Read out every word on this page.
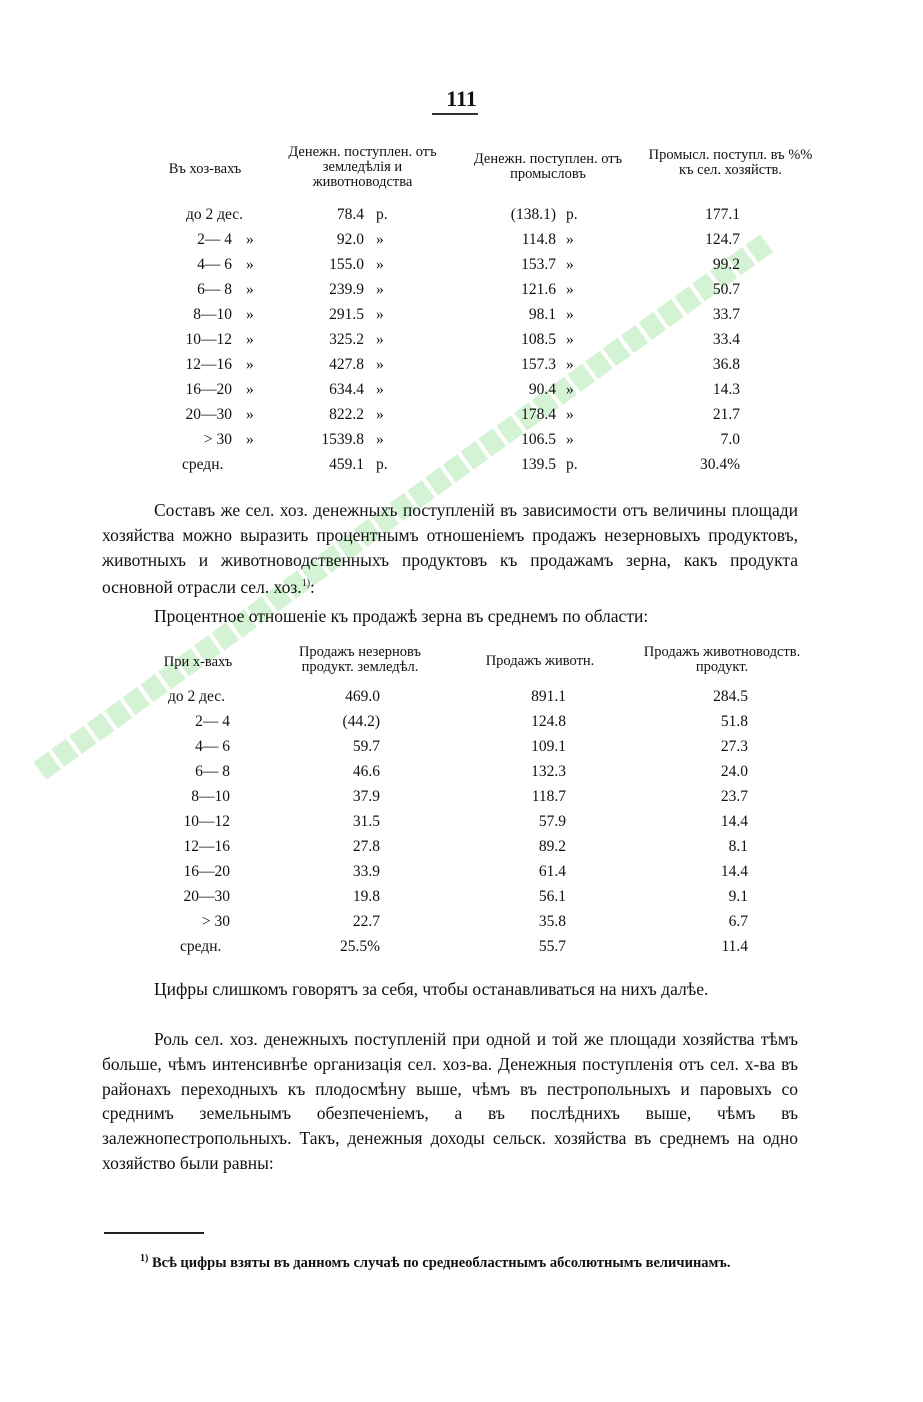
111
Въ хоз-вахъ
Денежн. поступлен. отъ земледѣлія и животноводства
Денежн. поступлен. отъ промысловъ
Промысл. поступл. въ %% къ сел. хозяйств.
до 2 дес.	78.4 р.	(138.1) р.	177.1
2— 4 »	92.0 »	114.8 »	124.7
4— 6 »	155.0 »	153.7 »	99.2
6— 8 »	239.9 »	121.6 »	50.7
8—10 »	291.5 »	98.1 »	33.7
10—12 »	325.2 »	108.5 »	33.4
12—16 »	427.8 »	157.3 »	36.8
16—20 »	634.4 »	90.4 »	14.3
20—30 »	822.2 »	178.4 »	21.7
> 30 »	1539.8 »	106.5 »	7.0
средн.	459.1 р.	139.5 р.	30.4%
Составъ же сел. хоз. денежныхъ поступленій въ зависимости отъ величины площади хозяйства можно выразить процентнымъ отношеніемъ продажъ незерновыхъ продуктовъ, животныхъ и животноводственныхъ продуктовъ къ продажамъ зерна, какъ продукта основной отрасли сел. хоз.$^{1)}$:
Процентное отношеніе къ продажѣ зерна въ среднемъ по области:
При х-вахъ
Продажъ незерновъ продукт. земледѣл.	Продажъ животн.
Продажъ животноводств. продукт.
до 2 дес.	469.0	891.1	284.5
2— 4	(44.2)	124.8	51.8
4— 6	59.7	109.1	27.3
6— 8	46.6	132.3	24.0
8—10	37.9	118.7	23.7
10—12	31.5	57.9	14.4
12—16	27.8	89.2	8.1
16—20	33.9	61.4	14.4
20—30	19.8	56.1	9.1
> 30	22.7	35.8	6.7
средн.	25.5%	55.7	11.4
Цифры слишкомъ говорятъ за себя, чтобы останавливаться на нихъ далѣе.
Роль сел. хоз. денежныхъ поступленій при одной и той же площади хозяйства тѣмъ больше, чѣмъ интенсивнѣе организація сел. хоз-ва. Денежныя поступленія отъ сел. х-ва въ районахъ переходныхъ къ плодосмѣну выше, чѣмъ въ пестропольныхъ и паровыхъ со среднимъ земельнымъ обезпеченіемъ, а въ послѣднихъ выше, чѣмъ въ залежнопестропольныхъ. Такъ, денежныя доходы сельск. хозяйства въ среднемъ на одно хозяйство были равны:
$^{1)}$ Всѣ цифры взяты въ данномъ случаѣ по среднеобластнымъ абсолютнымъ величинамъ.
